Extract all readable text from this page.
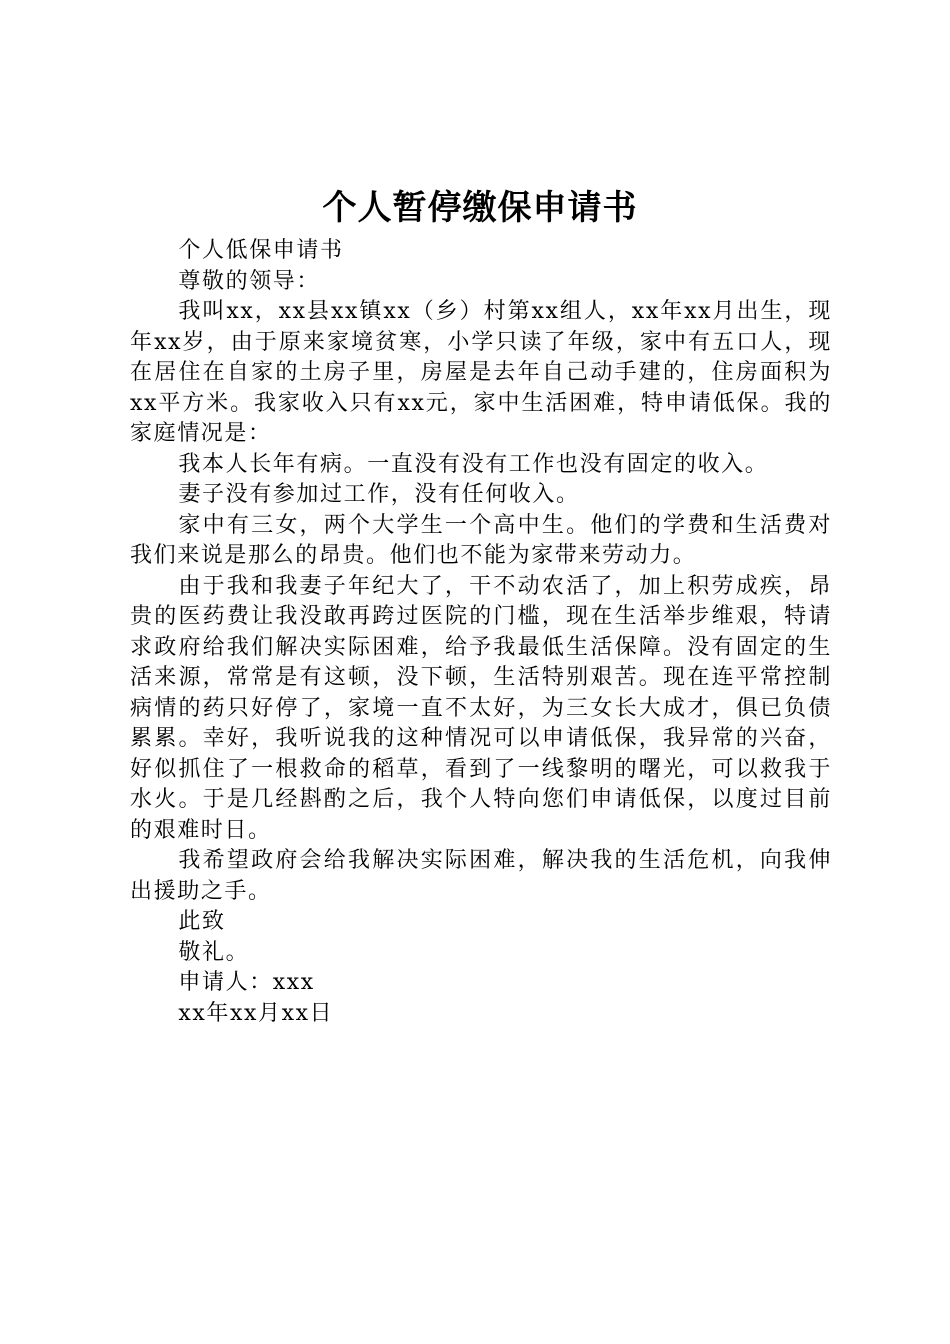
个人暂停缴保申请书

个人低保申请书

尊敬的领导：

我叫xx，xx县xx镇xx（乡）村第xx组人，xx年xx月出生，现年xx岁，由于原来家境贫寒，小学只读了年级，家中有五口人，现在居住在自家的土房子里，房屋是去年自己动手建的，住房面积为xx平方米。我家收入只有xx元，家中生活困难，特申请低保。我的家庭情况是：

我本人长年有病。一直没有没有工作也没有固定的收入。

妻子没有参加过工作，没有任何收入。

家中有三女，两个大学生一个高中生。他们的学费和生活费对我们来说是那么的昂贵。他们也不能为家带来劳动力。

由于我和我妻子年纪大了，干不动农活了，加上积劳成疾，昂贵的医药费让我没敢再跨过医院的门槛，现在生活举步维艰，特请求政府给我们解决实际困难，给予我最低生活保障。没有固定的生活来源，常常是有这顿，没下顿，生活特别艰苦。现在连平常控制病情的药只好停了，家境一直不太好，为三女长大成才，俱已负债累累。幸好，我听说我的这种情况可以申请低保，我异常的兴奋，好似抓住了一根救命的稻草，看到了一线黎明的曙光，可以救我于水火。于是几经斟酌之后，我个人特向您们申请低保，以度过目前的艰难时日。

我希望政府会给我解决实际困难，解决我的生活危机，向我伸出援助之手。

此致

敬礼。

申请人：xxx

xx年xx月xx日
